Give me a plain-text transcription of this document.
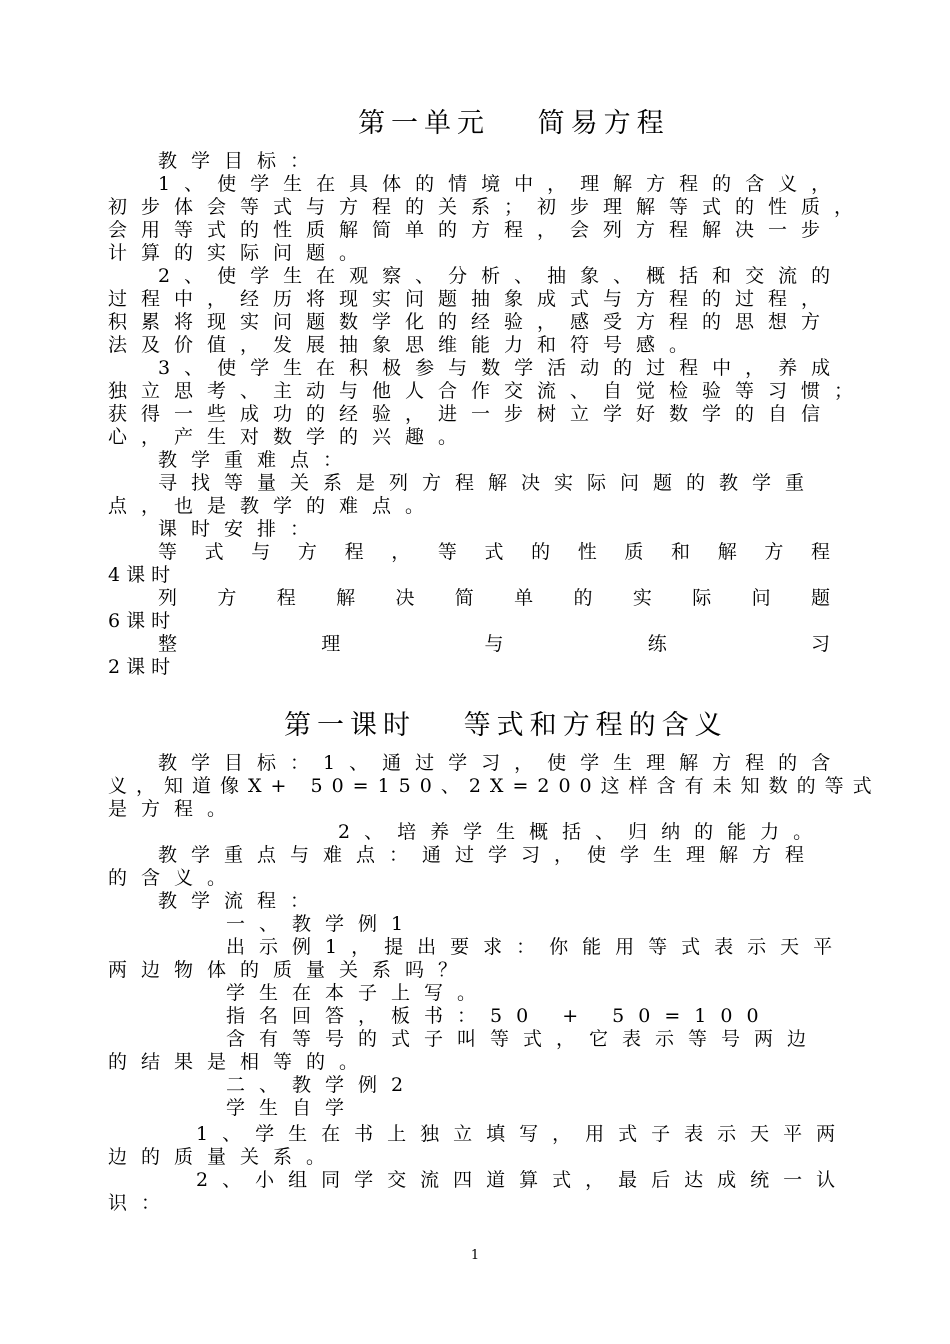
第一单元　 简易方程
教学目标：
1、使学生在具体的情境中，理解方程的含义，
初步体会等式与方程的关系；初步理解等式的性质，
会用等式的性质解简单的方程，会列方程解决一步
计算的实际问题。
2、使学生在观察、分析、抽象、概括和交流的
过程中，经历将现实问题抽象成式与方程的过程，
积累将现实问题数学化的经验，感受方程的思想方
法及价值，发展抽象思维能力和符号感。
3、使学生在积极参与数学活动的过程中，养成
独立思考、主动与他人合作交流、自觉检验等习惯；
获得一些成功的经验，进一步树立学好数学的自信
心，产生对数学的兴趣。
教学重难点：
寻找等量关系是列方程解决实际问题的教学重
点，也是教学的难点。
课时安排：
等 式 与 方 程 ， 等 式 的 性 质 和 解 方 程
4课时
列 方 程 解 决 简 单 的 实 际 问 题
6课时
整	理	与	练	习
2课时
第一课时　 等式和方程的含义
教学目标：1、通过学习，使学生理解方程的含
义，知道像X+ 50=150、2X=200这样含有未知数的等式
是方程。
2、培养学生概括、归纳的能力。
教学重点与难点：通过学习，使学生理解方程
的含义。
教学流程：
一、教学例1
出示例1，提出要求：你能用等式表示天平
两边物体的质量关系吗？
学生在本子上写。
指名回答，板书：50 + 50=100
含有等号的式子叫等式，它表示等号两边
的结果是相等的。
二、教学例2
学生自学
1、学生在书上独立填写，用式子表示天平两
边的质量关系。
2、小组同学交流四道算式，最后达成统一认
识：
1
